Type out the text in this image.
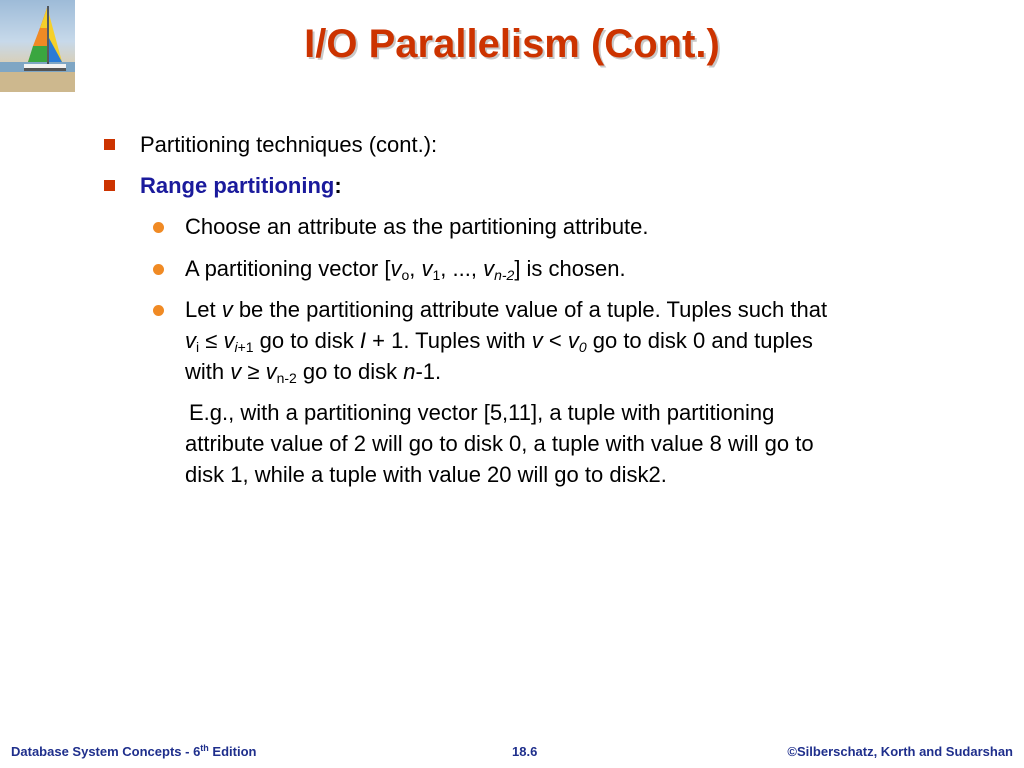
I/O Parallelism (Cont.)
Partitioning techniques (cont.):
Range partitioning:
Choose an attribute as the partitioning attribute.
A partitioning vector [$v_o$, $v_1$, ..., $v_{n-2}$] is chosen.
Let v be the partitioning attribute value of a tuple. Tuples such that
$v_i \le v_{i+1}$ go to disk I + 1. Tuples with $v < v_0$ go to disk 0 and tuples
with $v \ge v_{n-2}$ go to disk n-1.
E.g., with a partitioning vector [5,11], a tuple with partitioning
attribute value of 2 will go to disk 0, a tuple with value 8 will go to
disk 1, while a tuple with value 20 will go to disk2.
Database System Concepts - 6th Edition	18.6	©Silberschatz, Korth and Sudarshan
